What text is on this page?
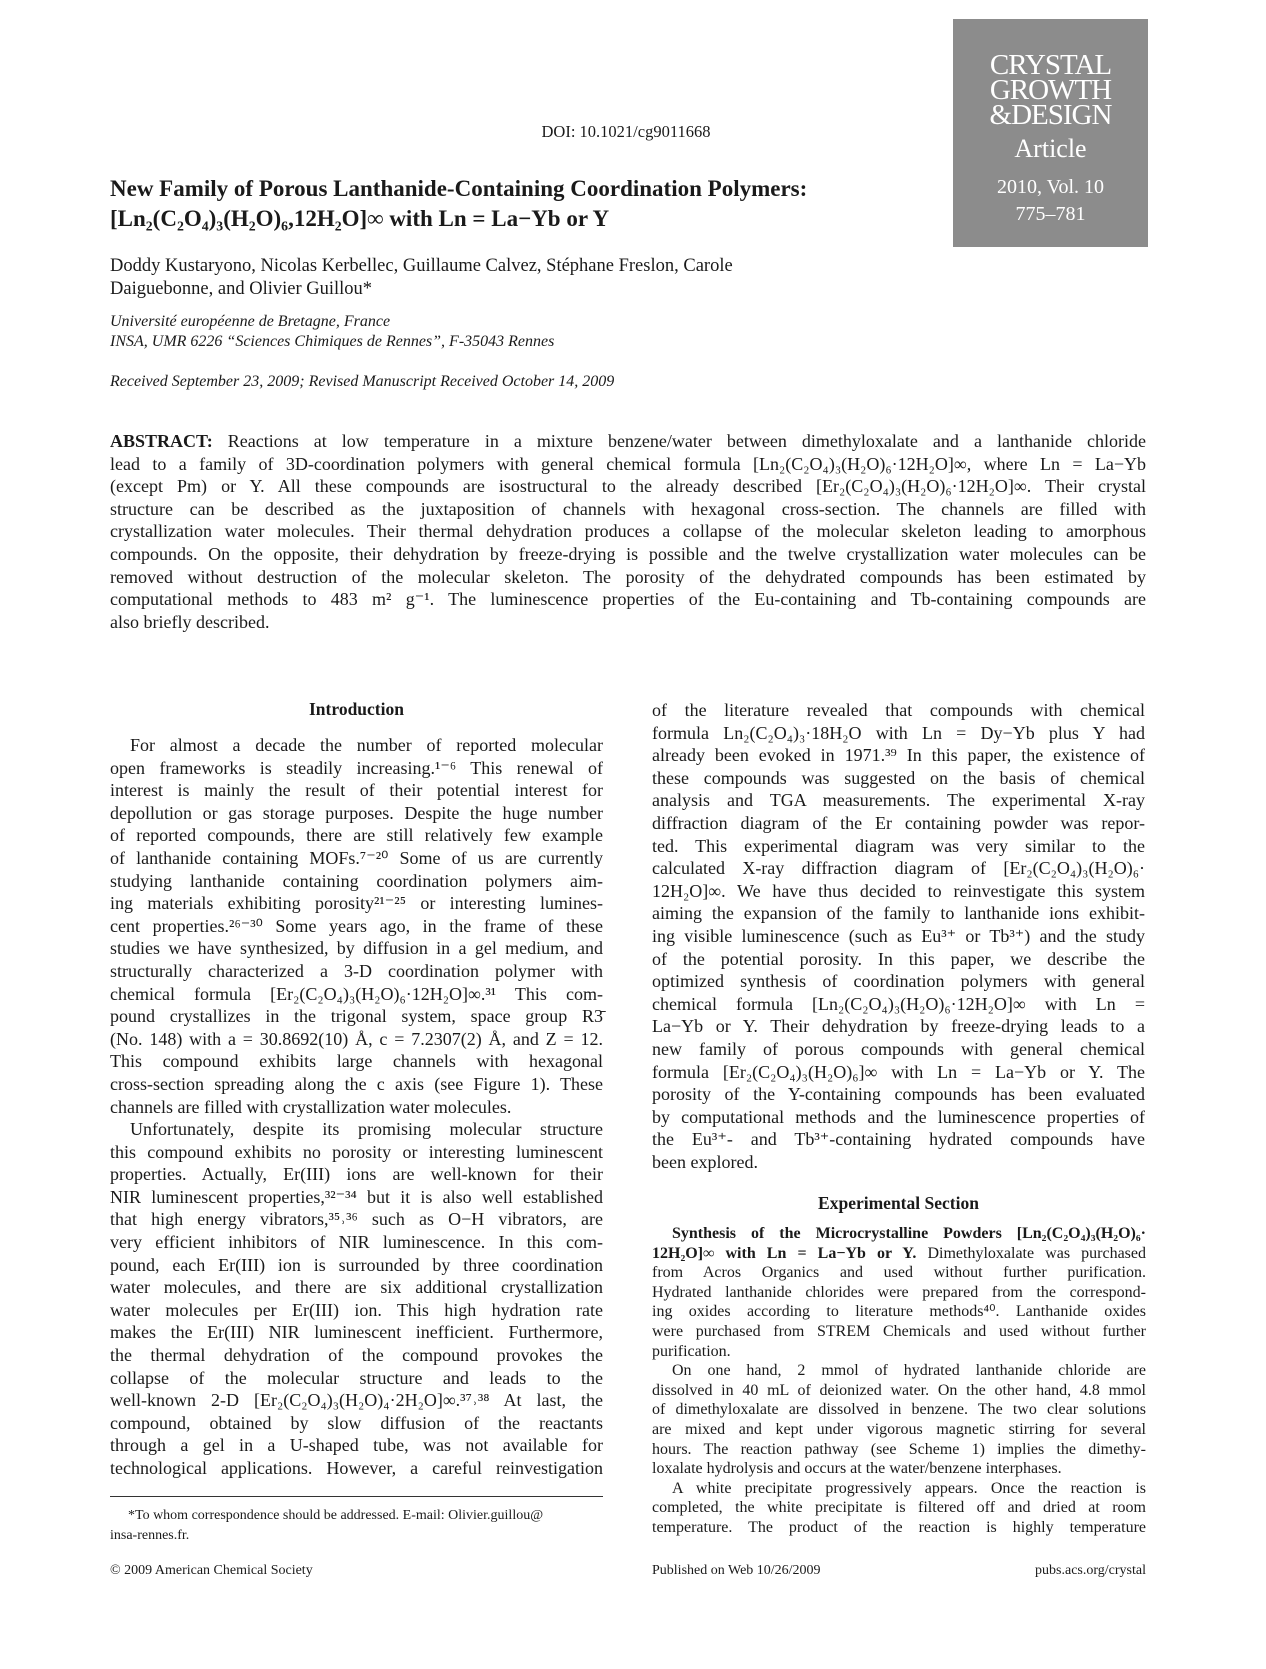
CRYSTAL
GROWTH
&DESIGN
Article
2010, Vol. 10
775–781
DOI: 10.1021/cg9011668
New Family of Porous Lanthanide-Containing Coordination Polymers:
[Ln₂(C₂O₄)₃(H₂O)₆,12H₂O]∞ with Ln = La−Yb or Y
Doddy Kustaryono, Nicolas Kerbellec, Guillaume Calvez, Stéphane Freslon, Carole
Daiguebonne, and Olivier Guillou*
Université européenne de Bretagne, France
INSA, UMR 6226 “Sciences Chimiques de Rennes”, F-35043 Rennes
Received September 23, 2009; Revised Manuscript Received October 14, 2009
ABSTRACT: Reactions at low temperature in a mixture benzene/water between dimethyloxalate and a lanthanide chloride
lead to a family of 3D-coordination polymers with general chemical formula [Ln₂(C₂O₄)₃(H₂O)₆·12H₂O]∞, where Ln = La−Yb
(except Pm) or Y. All these compounds are isostructural to the already described [Er₂(C₂O₄)₃(H₂O)₆·12H₂O]∞. Their crystal
structure can be described as the juxtaposition of channels with hexagonal cross-section. The channels are filled with
crystallization water molecules. Their thermal dehydration produces a collapse of the molecular skeleton leading to amorphous
compounds. On the opposite, their dehydration by freeze-drying is possible and the twelve crystallization water molecules can be
removed without destruction of the molecular skeleton. The porosity of the dehydrated compounds has been estimated by
computational methods to 483 m² g⁻¹. The luminescence properties of the Eu-containing and Tb-containing compounds are
also briefly described.
Introduction
For almost a decade the number of reported molecular
open frameworks is steadily increasing.¹⁻⁶ This renewal of
interest is mainly the result of their potential interest for
depollution or gas storage purposes. Despite the huge number
of reported compounds, there are still relatively few example
of lanthanide containing MOFs.⁷⁻²⁰ Some of us are currently
studying lanthanide containing coordination polymers aim-
ing materials exhibiting porosity²¹⁻²⁵ or interesting lumines-
cent properties.²⁶⁻³⁰ Some years ago, in the frame of these
studies we have synthesized, by diffusion in a gel medium, and
structurally characterized a 3-D coordination polymer with
chemical formula [Er₂(C₂O₄)₃(H₂O)₆·12H₂O]∞.³¹ This com-
pound crystallizes in the trigonal system, space group R3̄
(No. 148) with a = 30.8692(10) Å, c = 7.2307(2) Å, and Z = 12.
This compound exhibits large channels with hexagonal
cross-section spreading along the c axis (see Figure 1). These
channels are filled with crystallization water molecules.
Unfortunately, despite its promising molecular structure
this compound exhibits no porosity or interesting luminescent
properties. Actually, Er(III) ions are well-known for their
NIR luminescent properties,³²⁻³⁴ but it is also well established
that high energy vibrators,³⁵˒³⁶ such as O−H vibrators, are
very efficient inhibitors of NIR luminescence. In this com-
pound, each Er(III) ion is surrounded by three coordination
water molecules, and there are six additional crystallization
water molecules per Er(III) ion. This high hydration rate
makes the Er(III) NIR luminescent inefficient. Furthermore,
the thermal dehydration of the compound provokes the
collapse of the molecular structure and leads to the
well-known 2-D [Er₂(C₂O₄)₃(H₂O)₄·2H₂O]∞.³⁷˒³⁸ At last, the
compound, obtained by slow diffusion of the reactants
through a gel in a U-shaped tube, was not available for
technological applications. However, a careful reinvestigation
of the literature revealed that compounds with chemical
formula Ln₂(C₂O₄)₃·18H₂O with Ln = Dy−Yb plus Y had
already been evoked in 1971.³⁹ In this paper, the existence of
these compounds was suggested on the basis of chemical
analysis and TGA measurements. The experimental X-ray
diffraction diagram of the Er containing powder was repor-
ted. This experimental diagram was very similar to the
calculated X-ray diffraction diagram of [Er₂(C₂O₄)₃(H₂O)₆·
12H₂O]∞. We have thus decided to reinvestigate this system
aiming the expansion of the family to lanthanide ions exhibit-
ing visible luminescence (such as Eu³⁺ or Tb³⁺) and the study
of the potential porosity. In this paper, we describe the
optimized synthesis of coordination polymers with general
chemical formula [Ln₂(C₂O₄)₃(H₂O)₆·12H₂O]∞ with Ln =
La−Yb or Y. Their dehydration by freeze-drying leads to a
new family of porous compounds with general chemical
formula [Er₂(C₂O₄)₃(H₂O)₆]∞ with Ln = La−Yb or Y. The
porosity of the Y-containing compounds has been evaluated
by computational methods and the luminescence properties of
the Eu³⁺- and Tb³⁺-containing hydrated compounds have
been explored.
Experimental Section
Synthesis of the Microcrystalline Powders [Ln₂(C₂O₄)₃(H₂O)₆·
12H₂O]∞ with Ln = La−Yb or Y. Dimethyloxalate was purchased
from Acros Organics and used without further purification.
Hydrated lanthanide chlorides were prepared from the correspond-
ing oxides according to literature methods⁴⁰. Lanthanide oxides
were purchased from STREM Chemicals and used without further
purification.
On one hand, 2 mmol of hydrated lanthanide chloride are
dissolved in 40 mL of deionized water. On the other hand, 4.8 mmol
of dimethyloxalate are dissolved in benzene. The two clear solutions
are mixed and kept under vigorous magnetic stirring for several
hours. The reaction pathway (see Scheme 1) implies the dimethy-
loxalate hydrolysis and occurs at the water/benzene interphases.
A white precipitate progressively appears. Once the reaction is
completed, the white precipitate is filtered off and dried at room
temperature. The product of the reaction is highly temperature
*To whom correspondence should be addressed. E-mail: Olivier.guillou@
insa-rennes.fr.
© 2009 American Chemical Society	Published on Web 10/26/2009	pubs.acs.org/crystal
